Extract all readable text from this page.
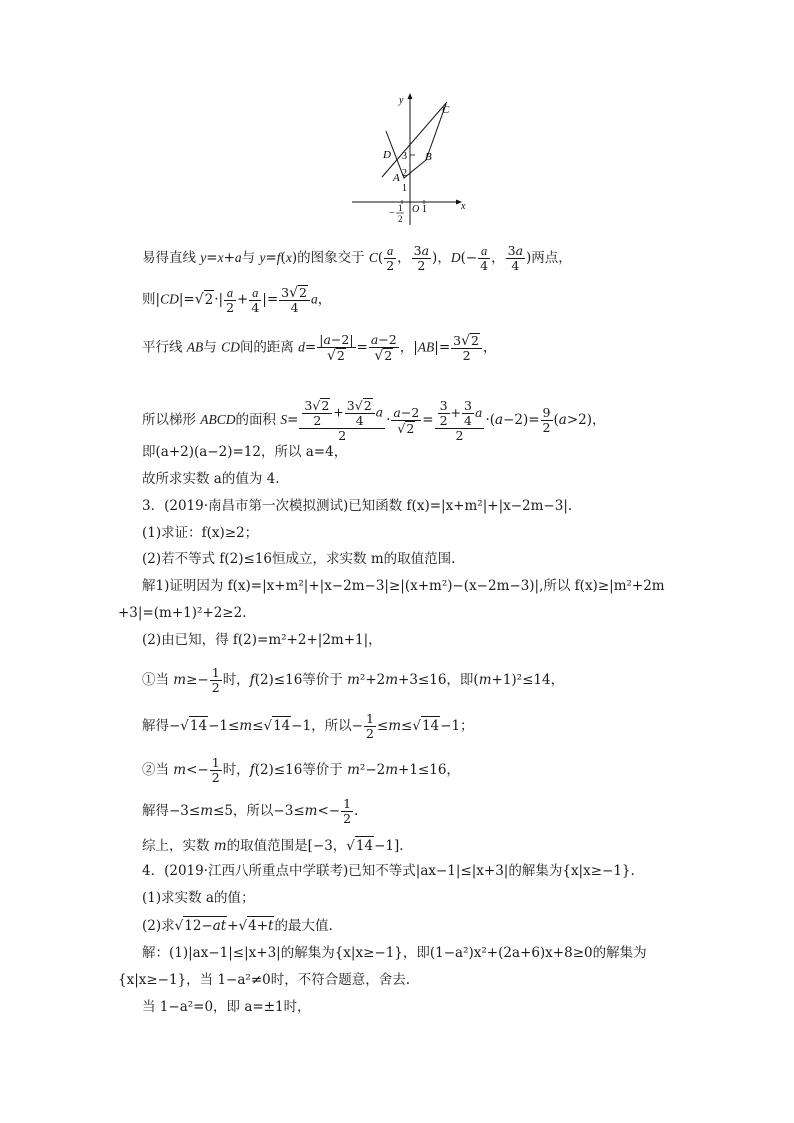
y
x
O
C
D
A
B
3
2
1
1
− 1
2
易得直线 y=x+a与 y=f(x)的图象交于 $C( \frac{a}{2}$ ， $\frac{3a}{2}$ )，$D(- \frac{a}{4}$ ， $\frac{3a}{4}$ )两点，
则$|CD|=√2\cdot| \frac{a}{2} + \frac{a}{4}$ |= $\frac{3√2}{4}$ a，
平行线 AB与 CD间的距离 $d= \frac{|a-2|}{√2} = \frac{a-2}{√2}$ ，$|AB|= \frac{3√2}{2}$ ，
所以梯形 ABCD的面积 $S= \frac{\frac{3√2}{2} + \frac{3√2}{4} a}{2} \cdot \frac{a-2}{√2} = \frac{\frac{3}{2} + \frac{3}{4} a}{2} \cdot(a-2)= \frac{9}{2} (a>2)$，
即(a+2)(a−2)=12，所以 a=4，
故所求实数 a的值为 4.
3．(2019·南昌市第一次模拟测试)已知函数 f(x)=|x+m²|+|x−2m−3|.
(1)求证：f(x)≥2；
(2)若不等式 f(2)≤16恒成立，求实数 m的取值范围.
解1)证明因为 f(x)=|x+m²|+|x−2m−3|≥|(x+m²)−(x−2m−3)|,所以 f(x)≥|m²+2m
+3|=(m+1)²+2≥2.
(2)由已知，得 f(2)=m²+2+|2m+1|，
①当 $m\ge- \frac{1}{2}$ 时，f(2)≤16等价于 m²+2m+3≤16，即(m+1)²≤14，
解得−√14−1≤m≤√14−1，所以− $\frac{1}{2} \le m\le√14-1$；
②当 $m<- \frac{1}{2}$ 时，f(2)≤16等价于 m²−2m+1≤16，
解得−3≤m≤5，所以$-3\le m<- \frac{1}{2}$ .
综上，实数 m的取值范围是[−3，√14−1].
4．(2019·江西八所重点中学联考)已知不等式|ax−1|≤|x+3|的解集为{x|x≥−1}.
(1)求实数 a的值；
(2)求√12−at+√4+t的最大值.
解：(1)|ax−1|≤|x+3|的解集为{x|x≥−1}，即(1−a²)x²+(2a+6)x+8≥0的解集为
{x|x≥−1}，当 1−a²≠0时，不符合题意，舍去.
当 1−a²=0，即 a=±1时，
